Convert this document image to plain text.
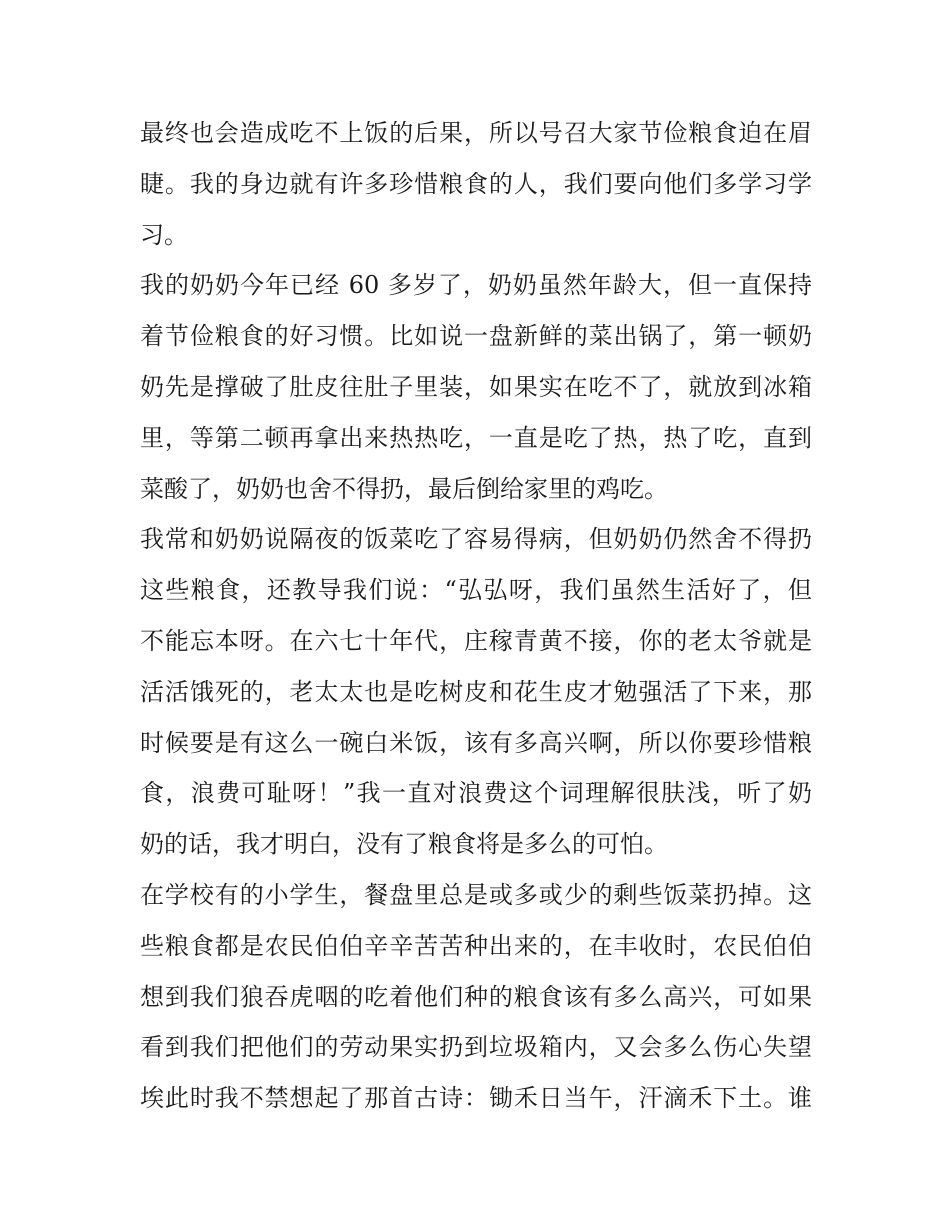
最终也会造成吃不上饭的后果，所以号召大家节俭粮食迫在眉
睫。我的身边就有许多珍惜粮食的人，我们要向他们多学习学
习。
我的奶奶今年已经 60 多岁了，奶奶虽然年龄大，但一直保持
着节俭粮食的好习惯。比如说一盘新鲜的菜出锅了，第一顿奶
奶先是撑破了肚皮往肚子里装，如果实在吃不了，就放到冰箱
里，等第二顿再拿出来热热吃，一直是吃了热，热了吃，直到
菜酸了，奶奶也舍不得扔，最后倒给家里的鸡吃。
我常和奶奶说隔夜的饭菜吃了容易得病，但奶奶仍然舍不得扔
这些粮食，还教导我们说：“弘弘呀，我们虽然生活好了，但
不能忘本呀。在六七十年代，庄稼青黄不接，你的老太爷就是
活活饿死的，老太太也是吃树皮和花生皮才勉强活了下来，那
时候要是有这么一碗白米饭，该有多高兴啊，所以你要珍惜粮
食，浪费可耻呀！”我一直对浪费这个词理解很肤浅，听了奶
奶的话，我才明白，没有了粮食将是多么的可怕。
在学校有的小学生，餐盘里总是或多或少的剩些饭菜扔掉。这
些粮食都是农民伯伯辛辛苦苦种出来的，在丰收时，农民伯伯
想到我们狼吞虎咽的吃着他们种的粮食该有多么高兴，可如果
看到我们把他们的劳动果实扔到垃圾箱内，又会多么伤心失望
埃此时我不禁想起了那首古诗：锄禾日当午，汗滴禾下土。谁
